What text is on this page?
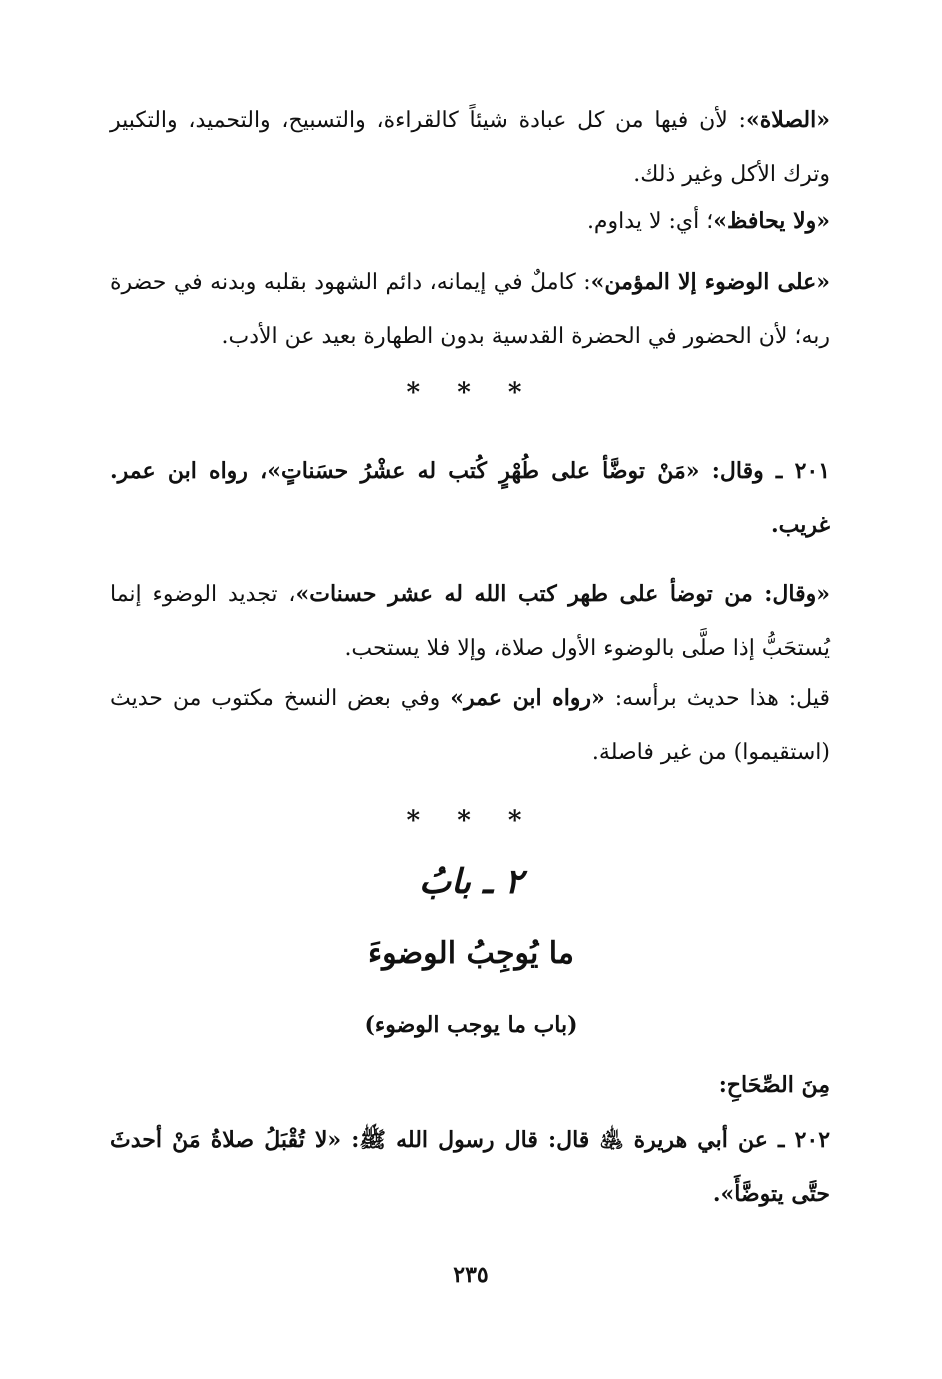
«الصلاة»: لأن فيها من كل عبادة شيئاً كالقراءة، والتسبيح، والتحميد، والتكبير وترك الأكل وغير ذلك.

«ولا يحافظ»؛ أي: لا يداوم.

«على الوضوء إلا المؤمن»: كاملٌ في إيمانه، دائم الشهود بقلبه وبدنه في حضرة ربه؛ لأن الحضور في الحضرة القدسية بدون الطهارة بعيد عن الأدب.

* * *

٢٠١ ـ وقال: «مَنْ توضَّأ على طُهْرٍ كُتب له عشْرُ حسَناتٍ»، رواه ابن عمر. غريب.

«وقال: من توضأ على طهر كتب الله له عشر حسنات»، تجديد الوضوء إنما يُستحَبُّ إذا صلَّى بالوضوء الأول صلاة، وإلا فلا يستحب.

قيل: هذا حديث برأسه: «رواه ابن عمر» وفي بعض النسخ مكتوب من حديث (استقيموا) من غير فاصلة.

* * *
٢ ـ بابُ
ما يُوجِبُ الوضوءَ
(باب ما يوجب الوضوء)

مِنَ الصِّحَاحِ:

٢٠٢ ـ عن أبي هريرة ﵁ قال: قال رسول الله ﷺ: «لا تُقْبَلُ صلاةُ مَنْ أحدثَ حتَّى يتوضَّأَ».

٢٣٥
